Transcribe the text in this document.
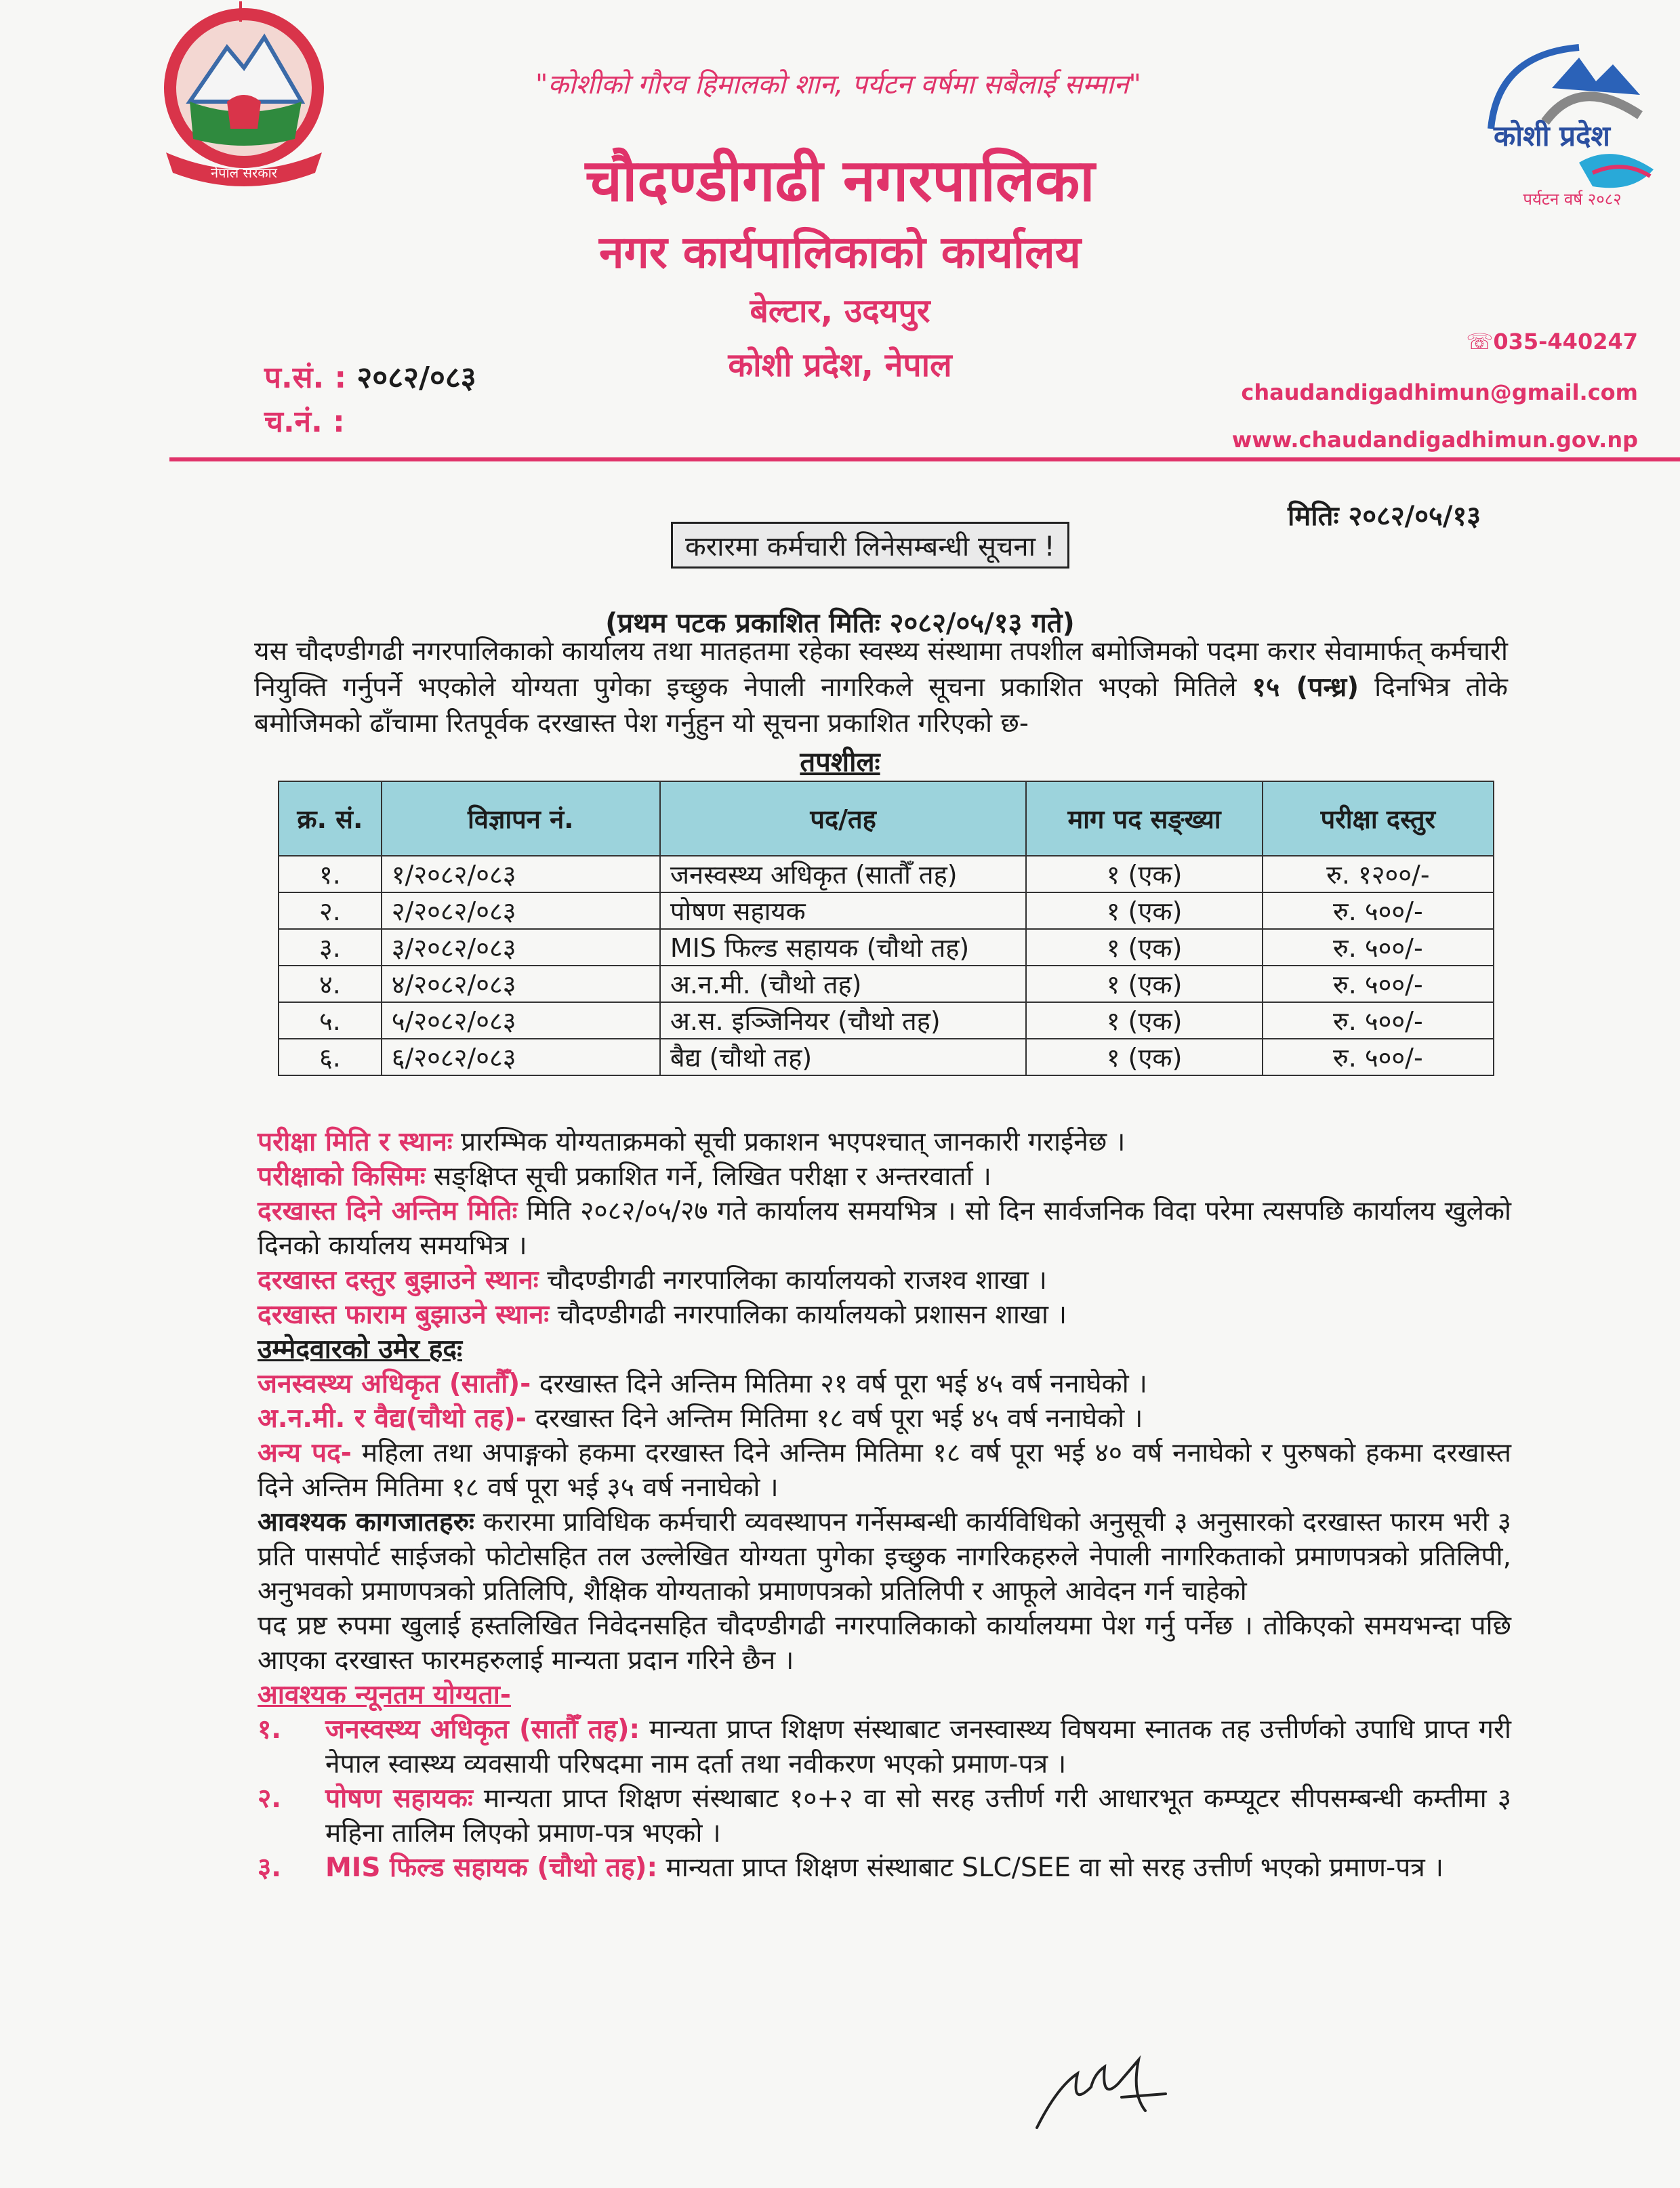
नेपाल सरकार
कोशी प्रदेश
पर्यटन वर्ष २०८२
"कोशीको गौरव हिमालको शान, पर्यटन वर्षमा सबैलाई सम्मान"
चौदण्डीगढी नगरपालिका
नगर कार्यपालिकाको कार्यालय
बेल्टार, उदयपुर
कोशी प्रदेश, नेपाल
प.सं. : २०८२/०८३
च.नं. :
☏035-440247
chaudandigadhimun@gmail.com
www.chaudandigadhimun.gov.np
मितिः २०८२/०५/१३
करारमा कर्मचारी लिनेसम्बन्धी सूचना !
(प्रथम पटक प्रकाशित मितिः २०८२/०५/१३ गते)
यस चौदण्डीगढी नगरपालिकाको कार्यालय तथा मातहतमा रहेका स्वस्थ्य संस्थामा तपशील बमोजिमको पदमा करार सेवामार्फत् कर्मचारी नियुक्ति गर्नुपर्ने भएकोले योग्यता पुगेका इच्छुक नेपाली नागरिकले सूचना प्रकाशित भएको मितिले १५ (पन्ध्र) दिनभित्र तोके बमोजिमको ढाँचामा रितपूर्वक दरखास्त पेश गर्नुहुन यो सूचना प्रकाशित गरिएको छ-
तपशीलः
क्र. सं.	विज्ञापन नं.	पद/तह	माग पद सङ्ख्या	परीक्षा दस्तुर
१.	१/२०८२/०८३	जनस्वस्थ्य अधिकृत (सातौँ तह)	१ (एक)	रु. १२००/-
२.	२/२०८२/०८३	पोषण सहायक	१ (एक)	रु. ५००/-
३.	३/२०८२/०८३	MIS फिल्ड सहायक (चौथो तह)	१ (एक)	रु. ५००/-
४.	४/२०८२/०८३	अ.न.मी. (चौथो तह)	१ (एक)	रु. ५००/-
५.	५/२०८२/०८३	अ.स. इञ्जिनियर (चौथो तह)	१ (एक)	रु. ५००/-
६.	६/२०८२/०८३	बैद्य (चौथो तह)	१ (एक)	रु. ५००/-

परीक्षा मिति र स्थानः प्रारम्भिक योग्यताक्रमको सूची प्रकाशन भएपश्चात् जानकारी गराईनेछ ।

परीक्षाको किसिमः सङ्क्षिप्त सूची प्रकाशित गर्ने, लिखित परीक्षा र अन्तरवार्ता ।

दरखास्त दिने अन्तिम मितिः मिति २०८२/०५/२७ गते कार्यालय समयभित्र । सो दिन सार्वजनिक विदा परेमा त्यसपछि कार्यालय खुलेको दिनको कार्यालय समयभित्र ।

दरखास्त दस्तुर बुझाउने स्थानः चौदण्डीगढी नगरपालिका कार्यालयको राजश्व शाखा ।

दरखास्त फाराम बुझाउने स्थानः चौदण्डीगढी नगरपालिका कार्यालयको प्रशासन शाखा ।

उम्मेदवारको उमेर हदः

जनस्वस्थ्य अधिकृत (सातौँ)- दरखास्त दिने अन्तिम मितिमा २१ वर्ष पूरा भई ४५ वर्ष ननाघेको ।

अ.न.मी. र वैद्य(चौथो तह)- दरखास्त दिने अन्तिम मितिमा १८ वर्ष पूरा भई ४५ वर्ष ननाघेको ।

अन्य पद- महिला तथा अपाङ्गको हकमा दरखास्त दिने अन्तिम मितिमा १८ वर्ष पूरा भई ४० वर्ष ननाघेको र पुरुषको हकमा दरखास्त दिने अन्तिम मितिमा १८ वर्ष पूरा भई ३५ वर्ष ननाघेको ।

आवश्यक कागजातहरुः करारमा प्राविधिक कर्मचारी व्यवस्थापन गर्नेसम्बन्धी कार्यविधिको अनुसूची ३ अनुसारको दरखास्त फारम भरी ३ प्रति पासपोर्ट साईजको फोटोसहित तल उल्लेखित योग्यता पुगेका इच्छुक नागरिकहरुले नेपाली नागरिकताको प्रमाणपत्रको प्रतिलिपी, अनुभवको प्रमाणपत्रको प्रतिलिपि, शैक्षिक योग्यताको प्रमाणपत्रको प्रतिलिपी र आफूले आवेदन गर्न चाहेको

पद प्रष्ट रुपमा खुलाई हस्तलिखित निवेदनसहित चौदण्डीगढी नगरपालिकाको कार्यालयमा पेश गर्नु पर्नेछ । तोकिएको समयभन्दा पछि आएका दरखास्त फारमहरुलाई मान्यता प्रदान गरिने छैन ।

आवश्यक न्यूनतम योग्यता-

१.	जनस्वस्थ्य अधिकृत (सातौँ तह): मान्यता प्राप्त शिक्षण संस्थाबाट जनस्वास्थ्य विषयमा स्नातक तह उत्तीर्णको उपाधि प्राप्त गरी नेपाल स्वास्थ्य व्यवसायी परिषदमा नाम दर्ता तथा नवीकरण भएको प्रमाण-पत्र ।
२.	पोषण सहायकः मान्यता प्राप्त शिक्षण संस्थाबाट १०+२ वा सो सरह उत्तीर्ण गरी आधारभूत कम्प्यूटर सीपसम्बन्धी कम्तीमा ३ महिना तालिम लिएको प्रमाण-पत्र भएको ।
३.	MIS फिल्ड सहायक (चौथो तह): मान्यता प्राप्त शिक्षण संस्थाबाट SLC/SEE वा सो सरह उत्तीर्ण भएको प्रमाण-पत्र ।
